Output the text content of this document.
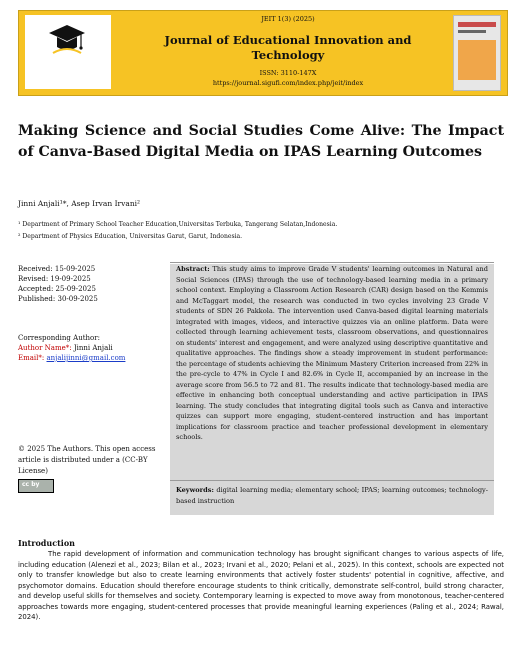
JEIT 1(3) (2025)
Journal of Educational Innovation and
Technology
ISSN: 3110-147X
https://journal.sigufi.com/index.php/jeit/index
Making Science and Social Studies Come Alive: The Impact of Canva-Based Digital Media on IPAS Learning Outcomes
Jinni Anjali¹*, Asep Irvan Irvani²
¹ Department of Primary School Teacher Education,Universitas Terbuka, Tangerang Selatan,Indonesia.
² Department of Physics Education, Universitas Garut, Garut, Indonesia.
Received: 15-09-2025
Revised: 19-09-2025
Accepted: 25-09-2025
Published: 30-09-2025
Corresponding Author:
Author Name*: Jinni Anjali
Email*: anjalijinni@gmail.com
© 2025 The Authors. This open access article is distributed under a (CC-BY License)
cc by

Abstract: This study aims to improve Grade V students' learning outcomes in Natural and Social Sciences (IPAS) through the use of technology-based learning media in a primary school context. Employing a Classroom Action Research (CAR) design based on the Kemmis and McTaggart model, the research was conducted in two cycles involving 23 Grade V students of SDN 26 Pakkola. The intervention used Canva-based digital learning materials integrated with images, videos, and interactive quizzes via an online platform. Data were collected through learning achievement tests, classroom observations, and questionnaires on students' interest and engagement, and were analyzed using descriptive quantitative and qualitative approaches. The findings show a steady improvement in student performance: the percentage of students achieving the Minimum Mastery Criterion increased from 22% in the pre-cycle to 47% in Cycle I and 82.6% in Cycle II, accompanied by an increase in the average score from 56.5 to 72 and 81. The results indicate that technology-based media are effective in enhancing both conceptual understanding and active participation in IPAS learning. The study concludes that integrating digital tools such as Canva and interactive quizzes can support more engaging, student-centered instruction and has important implications for classroom practice and teacher professional development in elementary schools.

Keywords: digital learning media; elementary school; IPAS; learning outcomes; technology-based instruction
Introduction

The rapid development of information and communication technology has brought significant changes to various aspects of life, including education (Alenezi et al., 2023; Bilan et al., 2023; Irvani et al., 2020; Pelani et al., 2025). In this context, schools are expected not only to transfer knowledge but also to create learning environments that actively foster students' potential in cognitive, affective, and psychomotor domains. Education should therefore encourage students to think critically, demonstrate self-control, build strong character, and develop useful skills for themselves and society. Contemporary learning is expected to move away from monotonous, teacher-centered approaches towards more engaging, student-centered processes that provide meaningful learning experiences (Paling et al., 2024; Rawal, 2024).
